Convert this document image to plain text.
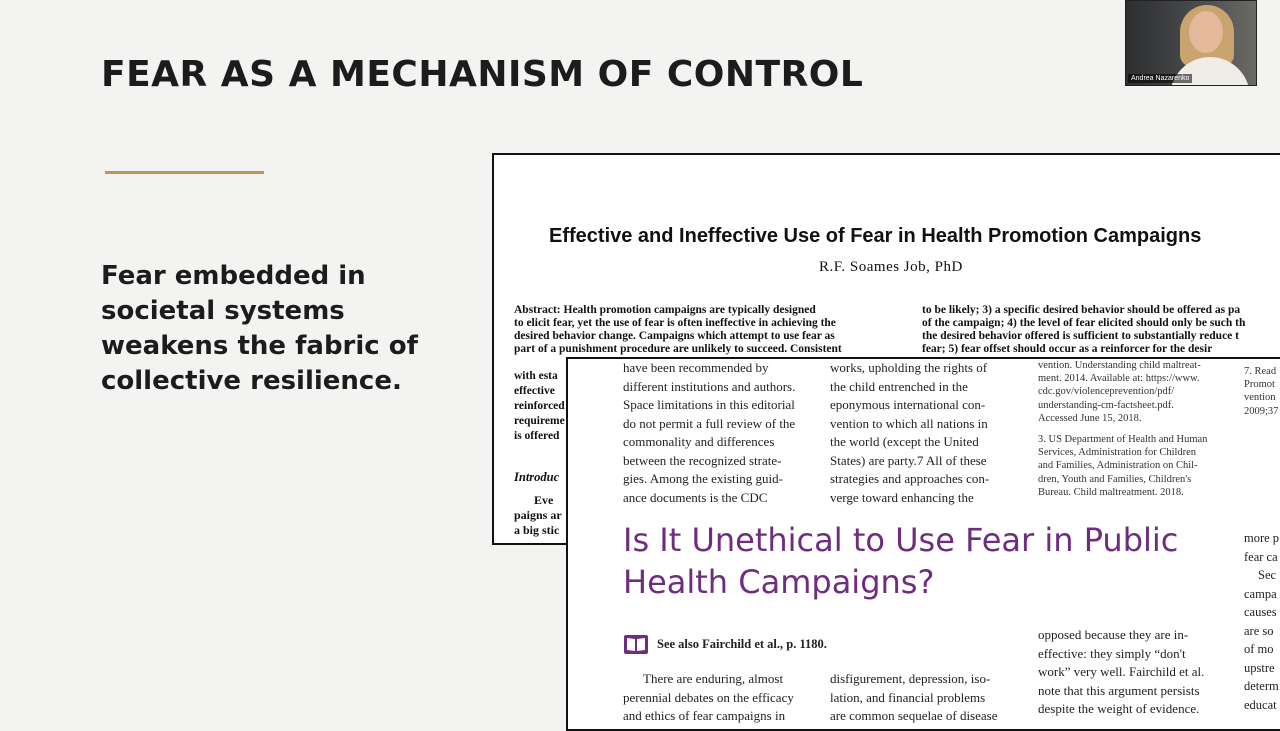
FEAR AS A MECHANISM OF CONTROL

Fear embedded in societal systems weakens the fabric of collective resilience.

Effective and Ineffective Use of Fear in Health Promotion Campaigns
R.F. Soames Job, PhD
Abstract: Health promotion campaigns are typically designed
to elicit fear, yet the use of fear is often ineffective in achieving the
desired behavior change. Campaigns which attempt to use fear as
part of a punishment procedure are unlikely to succeed. Consistent
to be likely; 3) a specific desired behavior should be offered as pa
of the campaign; 4) the level of fear elicited should only be such th
the desired behavior offered is sufficient to substantially reduce t
fear; 5) fear offset should occur as a reinforcer for the desir
with esta
effective
reinforced
requireme
is offered
Introduc
Eve
paigns ar
a big stic
have been recommended by
different institutions and authors.
Space limitations in this editorial
do not permit a full review of the
commonality and differences
between the recognized strate-
gies. Among the existing guid-
ance documents is the CDC
works, upholding the rights of
the child entrenched in the
eponymous international con-
vention to which all nations in
the world (except the United
States) are party.7 All of these
strategies and approaches con-
verge toward enhancing the
vention. Understanding child maltreat-
ment. 2014. Available at: https://www.
cdc.gov/violenceprevention/pdf/
understanding-cm-factsheet.pdf.
Accessed June 15, 2018.
3. US Department of Health and Human
Services, Administration for Children
and Families, Administration on Chil-
dren, Youth and Families, Children's
Bureau. Child maltreatment. 2018.
7. Read
Promot
vention
2009;37
Is It Unethical to Use Fear in Public Health Campaigns?
See also Fairchild et al., p. 1180.
There are enduring, almost
perennial debates on the efficacy
and ethics of fear campaigns in
disfigurement, depression, iso-
lation, and financial problems
are common sequelae of disease
opposed because they are in-
effective: they simply “don't
work” very well. Fairchild et al.
note that this argument persists
despite the weight of evidence.
more p
fear ca
Sec
campa
causes
are so
of mo
upstre
determ
educat
Andrea Nazarenko
